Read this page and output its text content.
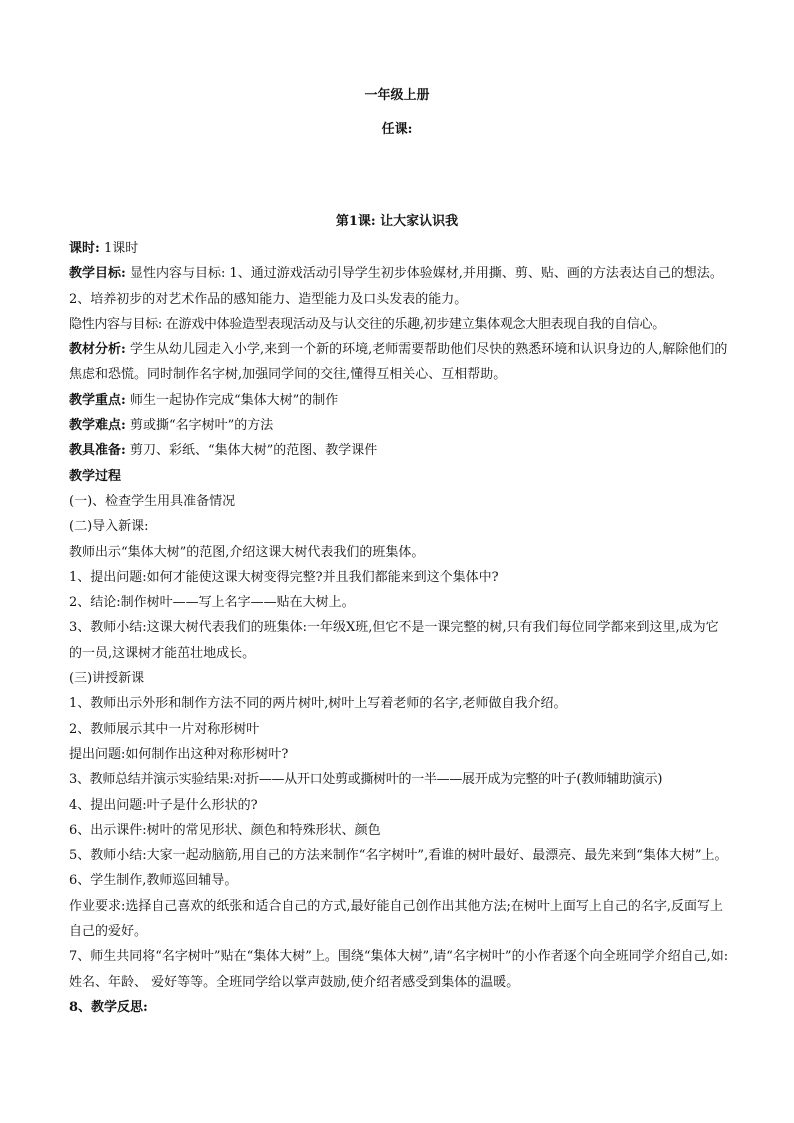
一年级上册
任课:
第1课: 让大家认识我

课时: 1课时

教学目标: 显性内容与目标: 1、通过游戏活动引导学生初步体验媒材,并用撕、剪、贴、画的方法表达自己的想法。

2、培养初步的对艺术作品的感知能力、造型能力及口头发表的能力。

隐性内容与目标: 在游戏中体验造型表现活动及与认交往的乐趣,初步建立集体观念大胆表现自我的自信心。

教材分析: 学生从幼儿园走入小学,来到一个新的环境,老师需要帮助他们尽快的熟悉环境和认识身边的人,解除他们的焦虑和恐慌。同时制作名字树,加强同学间的交往,懂得互相关心、互相帮助。

教学重点: 师生一起协作完成“集体大树”的制作

教学难点: 剪或撕“名字树叶”的方法

教具准备: 剪刀、彩纸、“集体大树”的范图、教学课件

教学过程

(一)、检查学生用具准备情况

(二)导入新课:

教师出示“集体大树”的范图,介绍这课大树代表我们的班集体。

1、提出问题:如何才能使这课大树变得完整?并且我们都能来到这个集体中?

2、结论:制作树叶——写上名字——贴在大树上。

3、教师小结:这课大树代表我们的班集体:一年级X班,但它不是一课完整的树,只有我们每位同学都来到这里,成为它的一员,这课树才能茁壮地成长。

(三)讲授新课

1、教师出示外形和制作方法不同的两片树叶,树叶上写着老师的名字,老师做自我介绍。

2、教师展示其中一片对称形树叶

提出问题:如何制作出这种对称形树叶?

3、教师总结并演示实验结果:对折——从开口处剪或撕树叶的一半——展开成为完整的叶子(教师辅助演示)

4、提出问题:叶子是什么形状的?

6、出示课件:树叶的常见形状、颜色和特殊形状、颜色

5、教师小结:大家一起动脑筋,用自己的方法来制作“名字树叶”,看谁的树叶最好、最漂亮、最先来到“集体大树”上。

6、学生制作,教师巡回辅导。

作业要求:选择自己喜欢的纸张和适合自己的方式,最好能自己创作出其他方法;在树叶上面写上自己的名字,反面写上自己的爱好。

7、师生共同将“名字树叶”贴在“集体大树”上。围绕“集体大树”,请“名字树叶”的小作者逐个向全班同学介绍自己,如:姓名、年龄、 爱好等等。全班同学给以掌声鼓励,使介绍者感受到集体的温暖。

8、教学反思:
